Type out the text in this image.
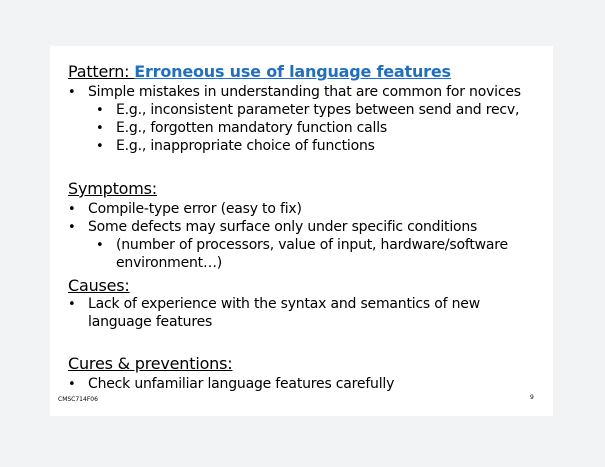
Pattern: Erroneous use of language features
• Simple mistakes in understanding that are common for novices
• E.g., inconsistent parameter types between send and recv,
• E.g., forgotten mandatory function calls
• E.g., inappropriate choice of functions
Symptoms:
• Compile-type error (easy to fix)
• Some defects may surface only under specific conditions
• (number of processors, value of input, hardware/software
environment…)
Causes:
• Lack of experience with the syntax and semantics of new
language features
Cures & preventions:
• Check unfamiliar language features carefully
CMSC714F06	9
